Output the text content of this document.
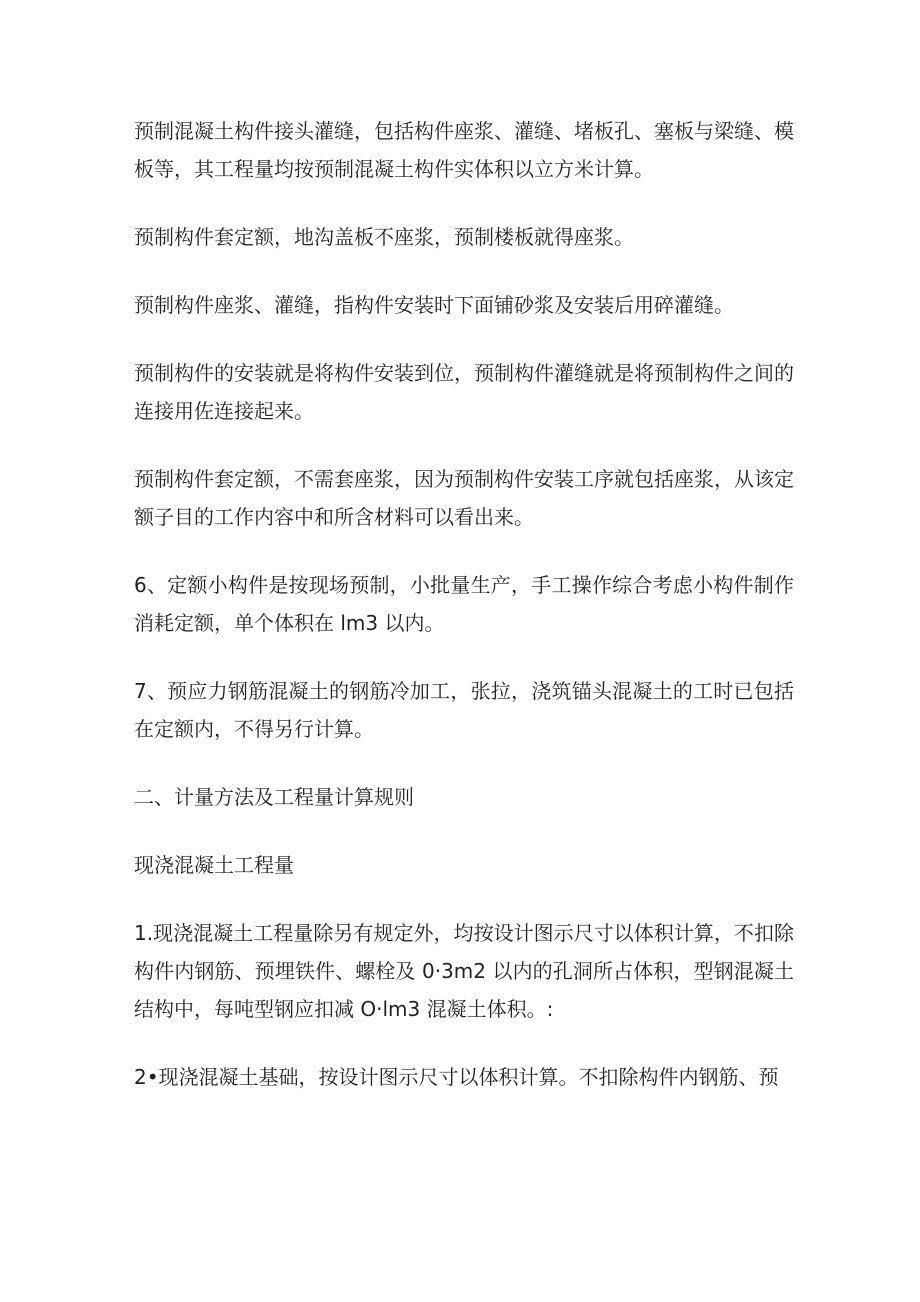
预制混凝土构件接头灌缝，包括构件座浆、灌缝、堵板孔、塞板与梁缝、模板等，其工程量均按预制混凝土构件实体积以立方米计算。

预制构件套定额，地沟盖板不座浆，预制楼板就得座浆。

预制构件座浆、灌缝，指构件安装时下面铺砂浆及安装后用碎灌缝。

预制构件的安装就是将构件安装到位，预制构件灌缝就是将预制构件之间的连接用佐连接起来。

预制构件套定额，不需套座浆，因为预制构件安装工序就包括座浆，从该定额子目的工作内容中和所含材料可以看出来。

6、定额小构件是按现场预制，小批量生产，手工操作综合考虑小构件制作消耗定额，单个体积在 lm3 以内。

7、预应力钢筋混凝土的钢筋冷加工，张拉，浇筑锚头混凝土的工时已包括在定额内，不得另行计算。

二、计量方法及工程量计算规则

现浇混凝土工程量

1.现浇混凝土工程量除另有规定外，均按设计图示尺寸以体积计算，不扣除构件内钢筋、预埋铁件、螺栓及 0·3m2 以内的孔洞所占体积，型钢混凝土结构中，每吨型钢应扣减 O·lm3 混凝土体积。:

2•现浇混凝土基础，按设计图示尺寸以体积计算。不扣除构件内钢筋、预
